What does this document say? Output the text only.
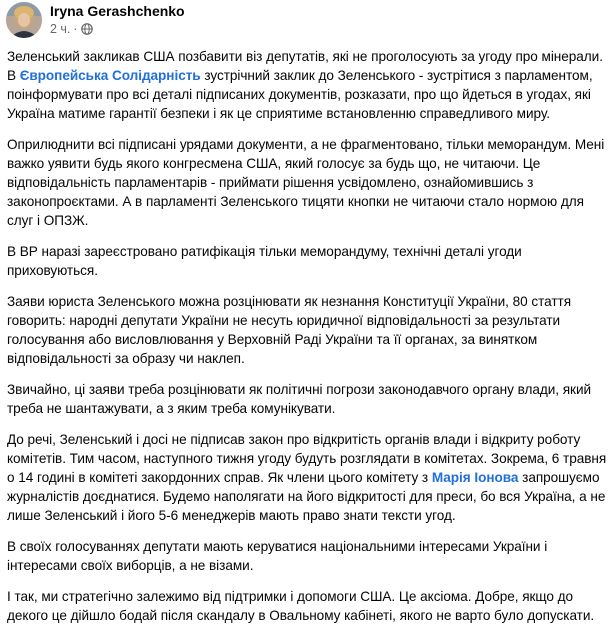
Iryna Gerashchenko
2 ч. ·

Зеленський закликав США позбавити віз депутатів, які не проголосують за угоду про мінерали.
В Європейська Солідарність зустрічний заклик до Зеленського - зустрітися з парламентом, поінформувати про всі деталі підписаних документів, розказати, про що йдеться в угодах, які Україна матиме гарантії безпеки і як це сприятиме встановленню справедливого миру.

Оприлюднити всі підписані урядами документи, а не фрагментовано, тільки меморандум. Мені важко уявити будь якого конгресмена США, який голосує за будь що, не читаючи. Це відповідальність парламентарів - приймати рішення усвідомлено, ознайомившись з законопроєктами. А в парламенті Зеленського тицяти кнопки не читаючи стало нормою для слуг і ОПЗЖ.

В ВР наразі зареєстровано ратифікація тільки меморандуму, технічні деталі угоди приховуються.

Заяви юриста Зеленського можна розцінювати як незнання Конституції України, 80 стаття говорить: народні депутати України не несуть юридичної відповідальності за результати голосування або висловлювання у Верховній Раді України та її органах, за винятком відповідальності за образу чи наклеп.

Звичайно, ці заяви треба розцінювати як політичні погрози законодавчого органу влади, який треба не шантажувати, а з яким треба комунікувати.

До речі, Зеленський і досі не підписав закон про відкритість органів влади і відкриту роботу комітетів. Тим часом, наступного тижня угоду будуть розглядати в комітетах. Зокрема, 6 травня о 14 годині в комітеті закордонних справ. Як члени цього комітету з Марія Іонова запрошуємо журналістів доєднатися. Будемо наполягати на його відкритості для преси, бо вся Україна, а не лише Зеленський і його 5-6 менеджерів мають право знати тексти угод.

В своїх голосуваннях депутати мають керуватися національними інтересами України і інтересами своїх виборців, а не візами.

І так, ми стратегічно залежимо від підтримки і допомоги США. Це аксіома. Добре, якщо до декого це дійшло бодай після скандалу в Овальному кабінеті, якого не варто було допускати.
